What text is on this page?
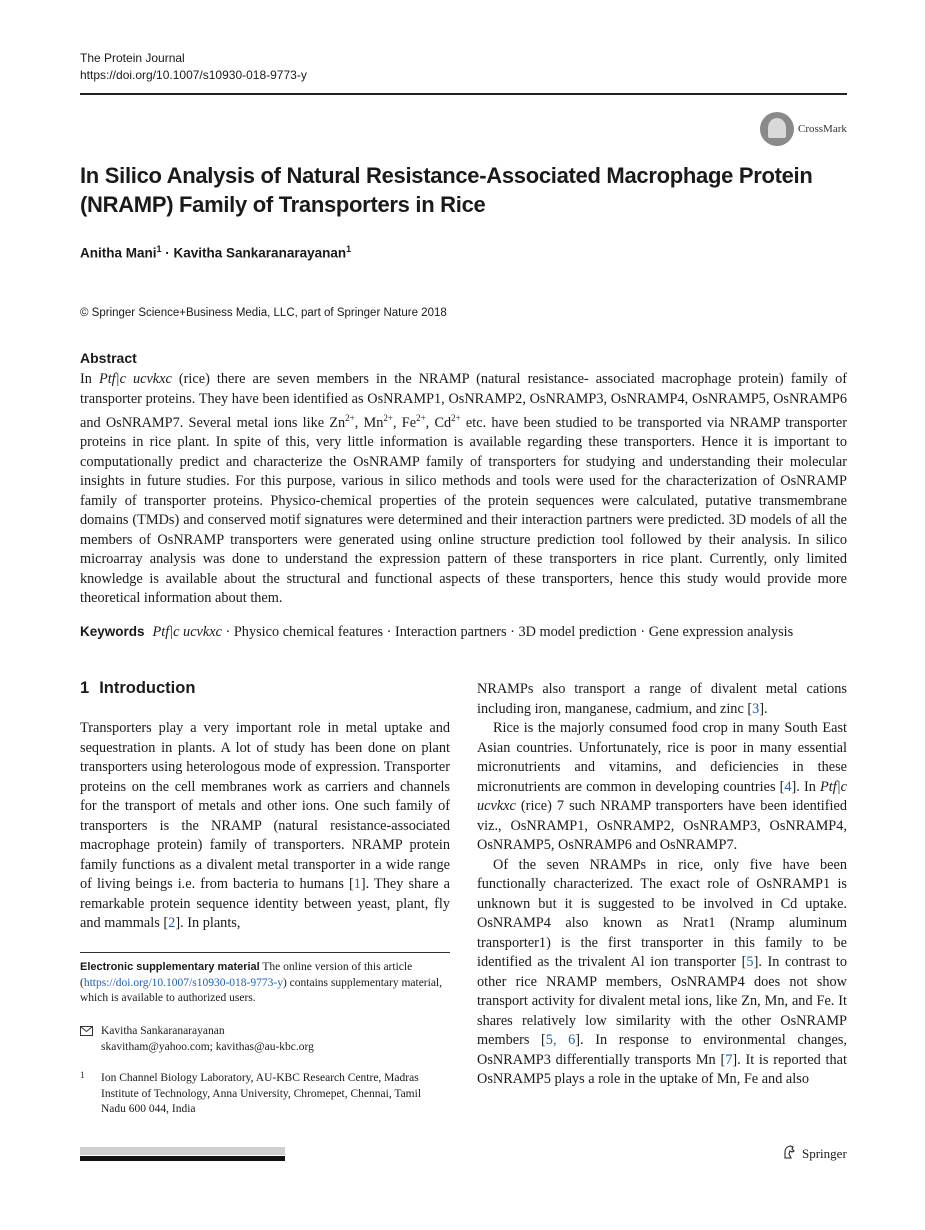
The Protein Journal
https://doi.org/10.1007/s10930-018-9773-y
CrossMark
In Silico Analysis of Natural Resistance-Associated Macrophage Protein (NRAMP) Family of Transporters in Rice
Anitha Mani$^1$ · Kavitha Sankaranarayanan$^1$
© Springer Science+Business Media, LLC, part of Springer Nature 2018
Abstract
In Ptf|c ucvkxc (rice) there are seven members in the NRAMP (natural resistance- associated macrophage protein) family of transporter proteins. They have been identified as OsNRAMP1, OsNRAMP2, OsNRAMP3, OsNRAMP4, OsNRAMP5, OsNRAMP6 and OsNRAMP7. Several metal ions like $Zn^{2+}$, $Mn^{2+}$, $Fe^{2+}$, $Cd^{2+}$ etc. have been studied to be transported via NRAMP transporter proteins in rice plant. In spite of this, very little information is available regarding these transporters. Hence it is important to computationally predict and characterize the OsNRAMP family of transporters for studying and understanding their molecular insights in future studies. For this purpose, various in silico methods and tools were used for the characterization of OsNRAMP family of transporter proteins. Physico-chemical properties of the protein sequences were calculated, putative transmembrane domains (TMDs) and conserved motif signatures were determined and their interaction partners were predicted. 3D models of all the members of OsNRAMP transporters were generated using online structure prediction tool followed by their analysis. In silico microarray analysis was done to understand the expression pattern of these transporters in rice plant. Currently, only limited knowledge is available about the structural and functional aspects of these transporters, hence this study would provide more theoretical information about them.
Keywords Ptf|c ucvkxc · Physico chemical features · Interaction partners · 3D model prediction · Gene expression analysis
1 Introduction

Transporters play a very important role in metal uptake and sequestration in plants. A lot of study has been done on plant transporters using heterologous mode of expression. Transporter proteins on the cell membranes work as carriers and channels for the transport of metals and other ions. One such family of transporters is the NRAMP (natural resistance-associated macrophage protein) family of transporters. NRAMP protein family functions as a divalent metal transporter in a wide range of living beings i.e. from bacteria to humans [1]. They share a remarkable protein sequence identity between yeast, plant, fly and mammals [2]. In plants,

NRAMPs also transport a range of divalent metal cations including iron, manganese, cadmium, and zinc [3].

Rice is the majorly consumed food crop in many South East Asian countries. Unfortunately, rice is poor in many essential micronutrients and vitamins, and deficiencies in these micronutrients are common in developing countries [4]. In Ptf|c ucvkxc (rice) 7 such NRAMP transporters have been identified viz., OsNRAMP1, OsNRAMP2, OsNRAMP3, OsNRAMP4, OsNRAMP5, OsNRAMP6 and OsNRAMP7.

Of the seven NRAMPs in rice, only five have been functionally characterized. The exact role of OsNRAMP1 is unknown but it is suggested to be involved in Cd uptake. OsNRAMP4 also known as Nrat1 (Nramp aluminum transporter1) is the first transporter in this family to be identified as the trivalent Al ion transporter [5]. In contrast to other rice NRAMP members, OsNRAMP4 does not show transport activity for divalent metal ions, like Zn, Mn, and Fe. It shares relatively low similarity with the other OsNRAMP members [5, 6]. In response to environmental changes, OsNRAMP3 differentially transports Mn [7]. It is reported that OsNRAMP5 plays a role in the uptake of Mn, Fe and also

Electronic supplementary material The online version of this article (https://doi.org/10.1007/s10930-018-9773-y) contains supplementary material, which is available to authorized users.
Kavitha Sankaranarayanan
skavitham@yahoo.com; kavithas@au-kbc.org
1 Ion Channel Biology Laboratory, AU-KBC Research Centre, Madras Institute of Technology, Anna University, Chromepet, Chennai, Tamil Nadu 600 044, India
Springer
